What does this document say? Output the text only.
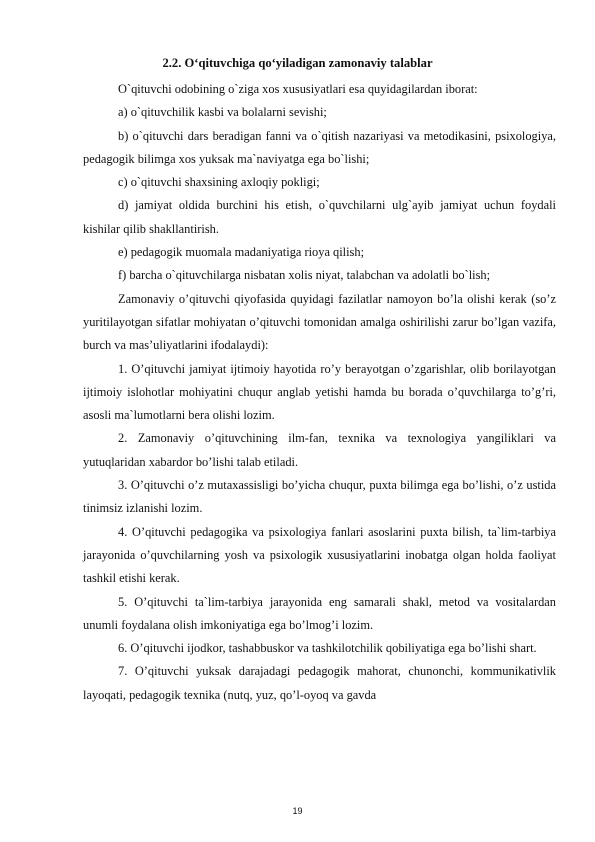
2.2. O‘qituvchiga qo‘yiladigan zamonaviy talablar

O`qituvchi odobining o`ziga xos xususiyatlari esa quyidagilardan iborat:

a) o`qituvchilik kasbi va bolalarni sevishi;

b) o`qituvchi dars beradigan fanni va o`qitish nazariyasi va metodikasini, psixologiya, pedagogik bilimga xos yuksak ma`naviyatga ega bo`lishi;

c) o`qituvchi shaxsining axloqiy pokligi;

d) jamiyat oldida burchini his etish, o`quvchilarni ulg`ayib jamiyat uchun foydali kishilar qilib shakllantirish.

e) pedagogik muomala madaniyatiga rioya qilish;

f) barcha o`qituvchilarga nisbatan xolis niyat, talabchan va adolatli bo`lish;

Zamonaviy o’qituvchi qiyofasida quyidagi fazilatlar namoyon bo’la olishi kerak (so’z yuritilayotgan sifatlar mohiyatan o’qituvchi tomonidan amalga oshirilishi zarur bo’lgan vazifa, burch va mas’uliyatlarini ifodalaydi):

1. O’qituvchi jamiyat ijtimoiy hayotida ro’y berayotgan o’zgarishlar, olib borilayotgan ijtimoiy islohotlar mohiyatini chuqur anglab yetishi hamda bu borada o’quvchilarga to’g’ri, asosli ma`lumotlarni bera olishi lozim.

2. Zamonaviy o’qituvchining ilm-fan, texnika va texnologiya yangiliklari va yutuqlaridan xabardor bo’lishi talab etiladi.

3. O’qituvchi o’z mutaxassisligi bo’yicha chuqur, puxta bilimga ega bo’lishi, o’z ustida tinimsiz izlanishi lozim.

4. O’qituvchi pedagogika va psixologiya fanlari asoslarini puxta bilish, ta`lim-tarbiya jarayonida o’quvchilarning yosh va psixologik xususiyatlarini inobatga olgan holda faoliyat tashkil etishi kerak.

5. O’qituvchi ta`lim-tarbiya jarayonida eng samarali shakl, metod va vositalardan unumli foydalana olish imkoniyatiga ega bo’lmog’i lozim.

6. O’qituvchi ijodkor, tashabbuskor va tashkilotchilik qobiliyatiga ega bo’lishi shart.

7. O’qituvchi yuksak darajadagi pedagogik mahorat, chunonchi, kommunikativlik layoqati, pedagogik texnika (nutq, yuz, qo’l-oyoq va gavda

19
